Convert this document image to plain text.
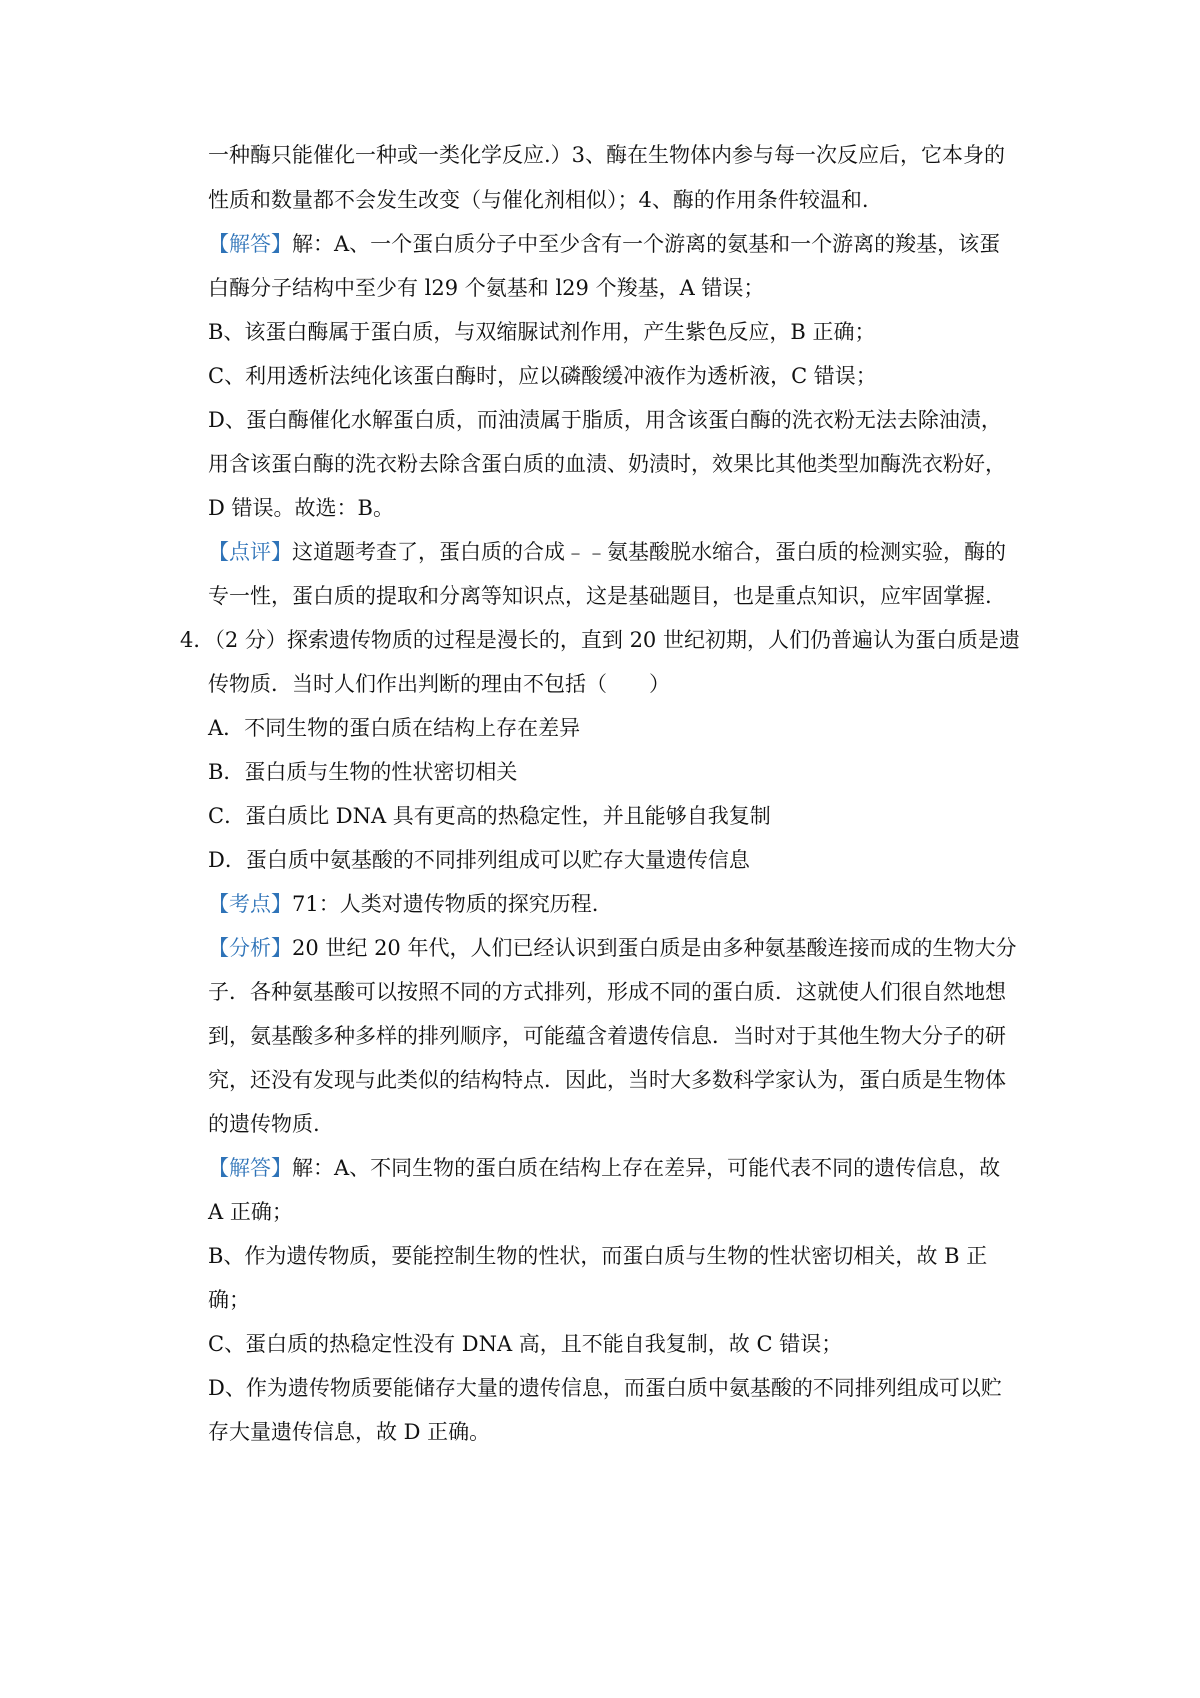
一种酶只能催化一种或一类化学反应.）3、酶在生物体内参与每一次反应后，它本身的
性质和数量都不会发生改变（与催化剂相似）；4、酶的作用条件较温和.
【解答】解：A、一个蛋白质分子中至少含有一个游离的氨基和一个游离的羧基，该蛋
白酶分子结构中至少有 l29 个氨基和 l29 个羧基，A 错误；
B、该蛋白酶属于蛋白质，与双缩脲试剂作用，产生紫色反应，B 正确；
C、利用透析法纯化该蛋白酶时，应以磷酸缓冲液作为透析液，C 错误；
D、蛋白酶催化水解蛋白质，而油渍属于脂质，用含该蛋白酶的洗衣粉无法去除油渍，
用含该蛋白酶的洗衣粉去除含蛋白质的血渍、奶渍时，效果比其他类型加酶洗衣粉好，
D 错误。故选：B。
【点评】这道题考查了，蛋白质的合成﹣﹣氨基酸脱水缩合，蛋白质的检测实验，酶的
专一性，蛋白质的提取和分离等知识点，这是基础题目，也是重点知识，应牢固掌握.
4．（2 分）探索遗传物质的过程是漫长的，直到 20 世纪初期，人们仍普遍认为蛋白质是遗
传物质．当时人们作出判断的理由不包括（　　）
A．不同生物的蛋白质在结构上存在差异
B．蛋白质与生物的性状密切相关
C．蛋白质比 DNA 具有更高的热稳定性，并且能够自我复制
D．蛋白质中氨基酸的不同排列组成可以贮存大量遗传信息
【考点】71：人类对遗传物质的探究历程.
【分析】20 世纪 20 年代，人们已经认识到蛋白质是由多种氨基酸连接而成的生物大分
子．各种氨基酸可以按照不同的方式排列，形成不同的蛋白质．这就使人们很自然地想
到，氨基酸多种多样的排列顺序，可能蕴含着遗传信息．当时对于其他生物大分子的研
究，还没有发现与此类似的结构特点．因此，当时大多数科学家认为，蛋白质是生物体
的遗传物质.
【解答】解：A、不同生物的蛋白质在结构上存在差异，可能代表不同的遗传信息，故
A 正确；
B、作为遗传物质，要能控制生物的性状，而蛋白质与生物的性状密切相关，故 B 正
确；
C、蛋白质的热稳定性没有 DNA 高，且不能自我复制，故 C 错误；
D、作为遗传物质要能储存大量的遗传信息，而蛋白质中氨基酸的不同排列组成可以贮
存大量遗传信息，故 D 正确。
